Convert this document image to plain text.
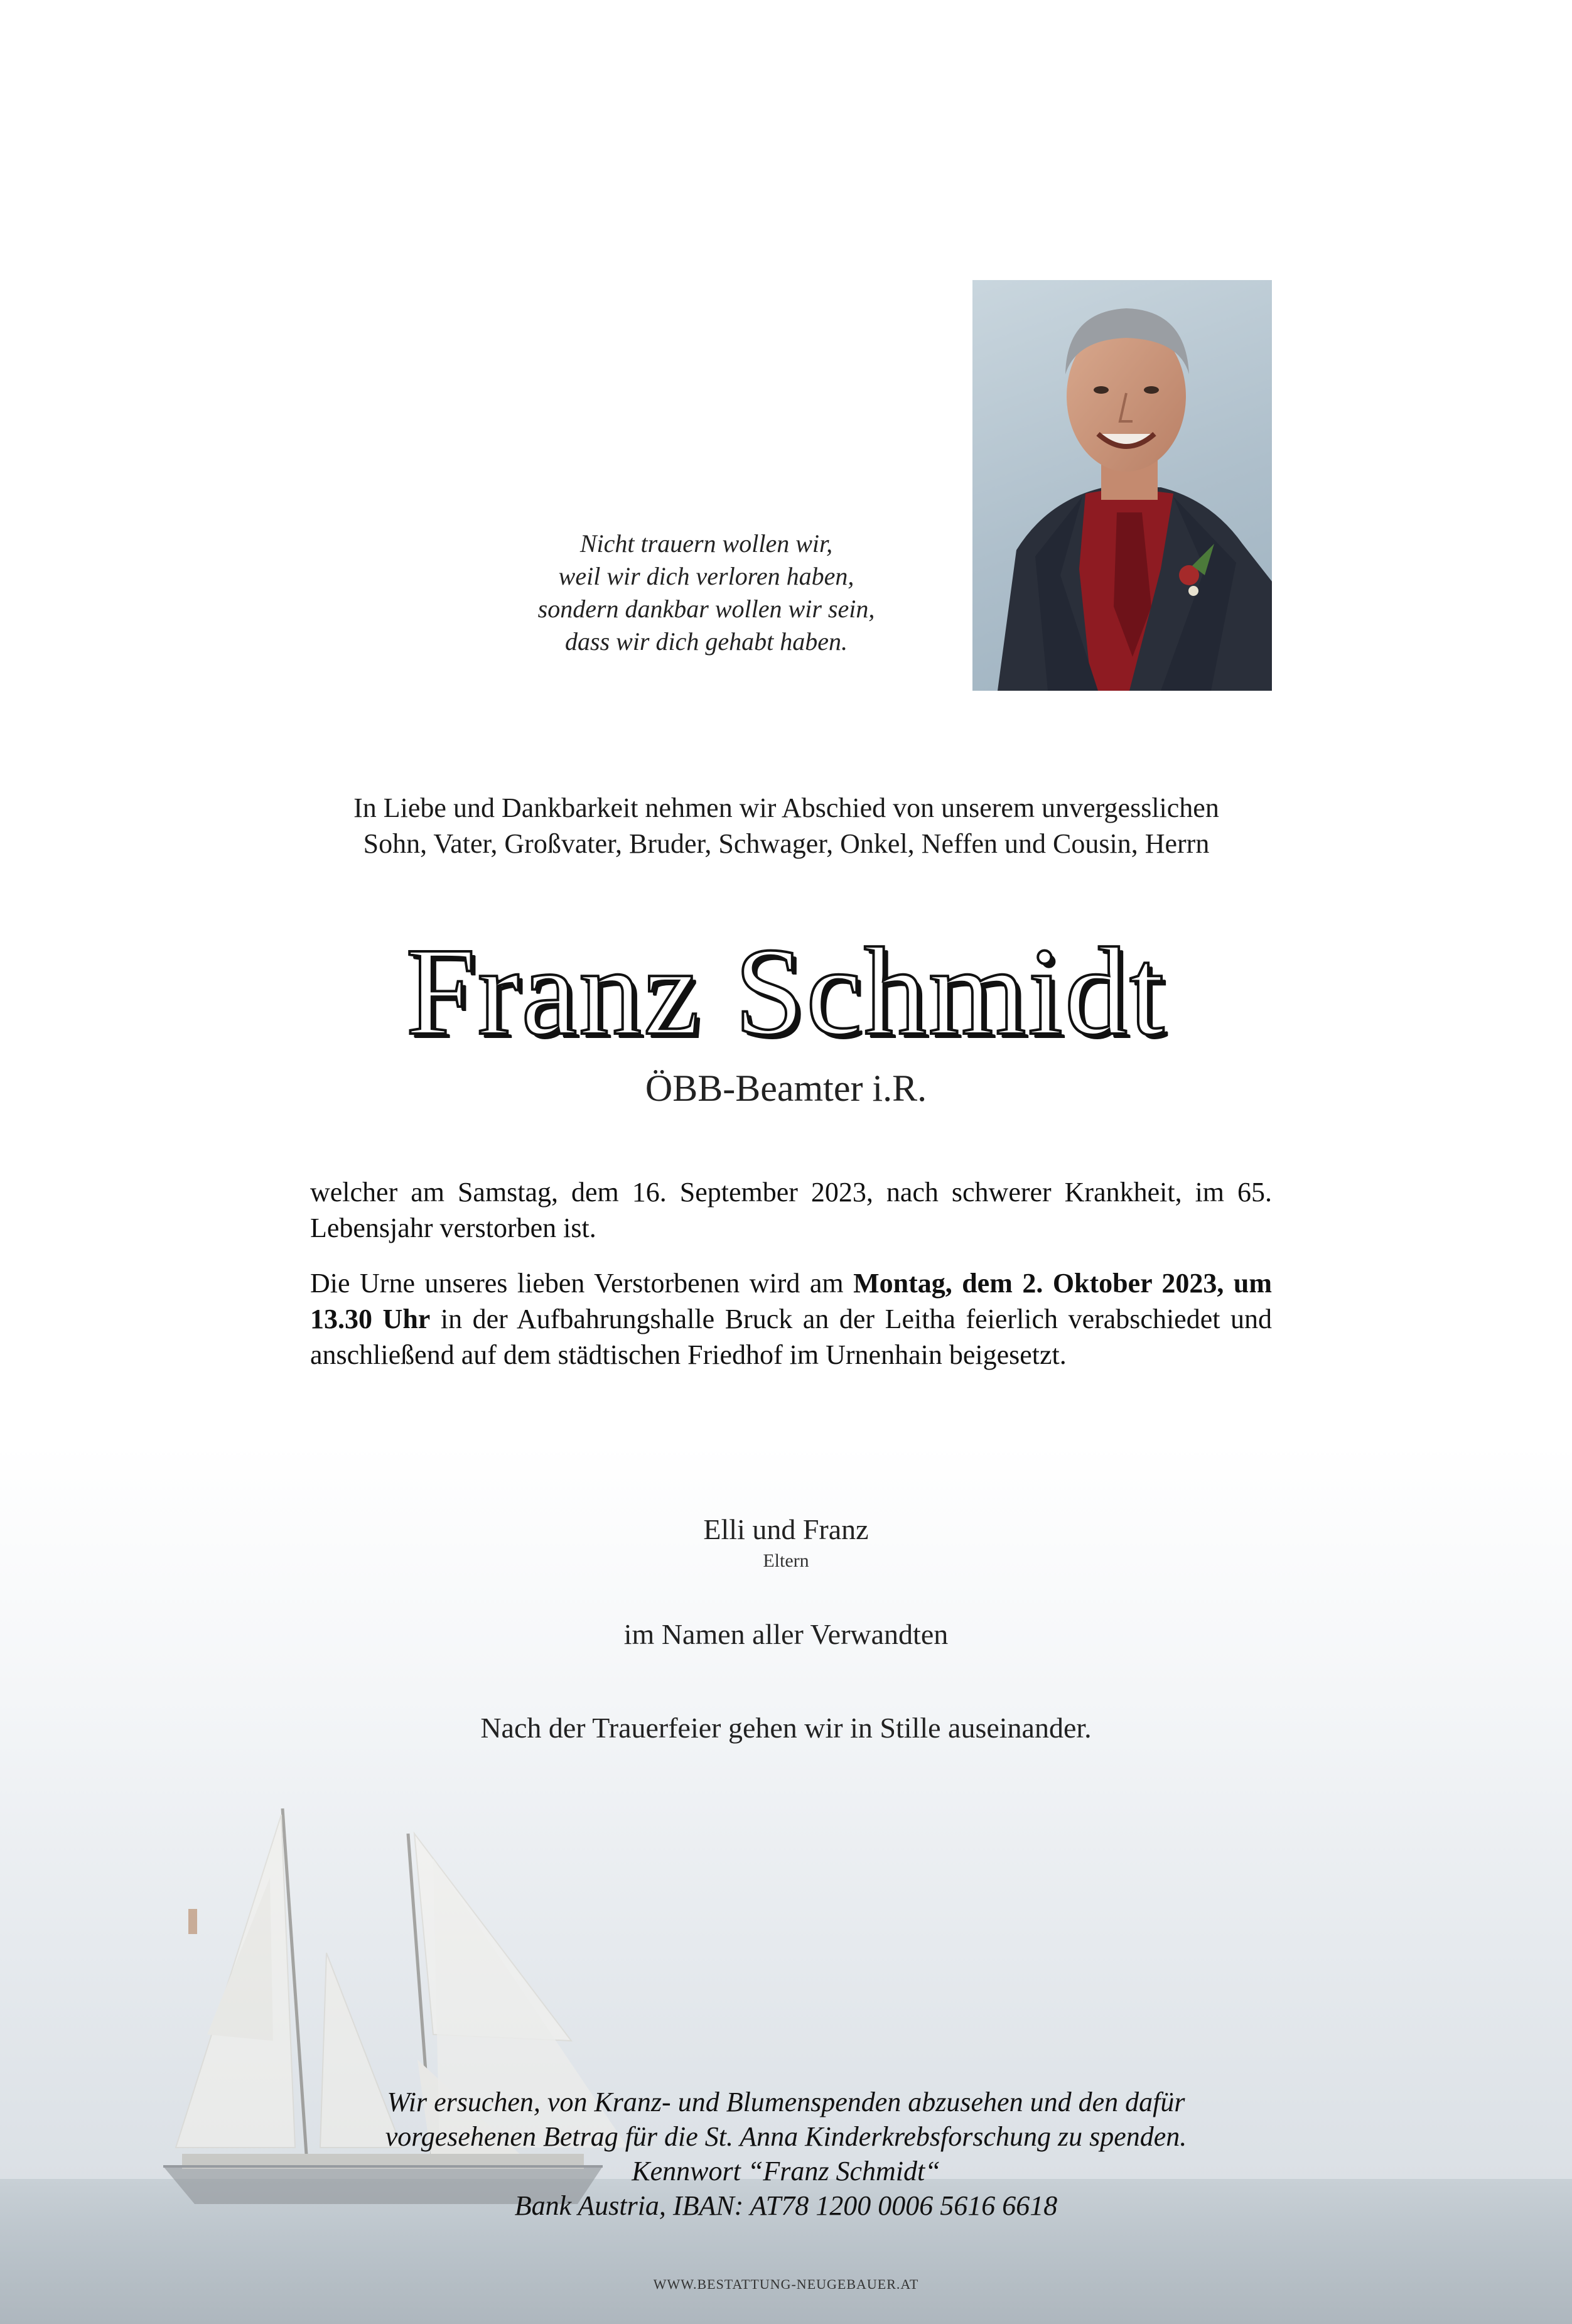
Nicht trauern wollen wir,
weil wir dich verloren haben,
sondern dankbar wollen wir sein,
dass wir dich gehabt haben.
In Liebe und Dankbarkeit nehmen wir Abschied von unserem unvergesslichen
Sohn, Vater, Großvater, Bruder, Schwager, Onkel, Neffen und Cousin, Herrn
Franz Schmidt
ÖBB-Beamter i.R.
welcher am Samstag, dem 16. September 2023, nach schwerer Krankheit, im 65. Lebensjahr verstorben ist.
Die Urne unseres lieben Verstorbenen wird am Montag, dem 2. Oktober 2023, um 13.30 Uhr in der Aufbahrungshalle Bruck an der Leitha feierlich verabschiedet und anschließend auf dem städtischen Friedhof im Urnenhain beigesetzt.
Elli und Franz
Eltern
im Namen aller Verwandten
Nach der Trauerfeier gehen wir in Stille auseinander.
Wir ersuchen, von Kranz- und Blumenspenden abzusehen und den dafür
vorgesehenen Betrag für die St. Anna Kinderkrebsforschung zu spenden.
Kennwort “Franz Schmidt“
Bank Austria, IBAN: AT78 1200 0006 5616 6618
WWW.BESTATTUNG-NEUGEBAUER.AT
